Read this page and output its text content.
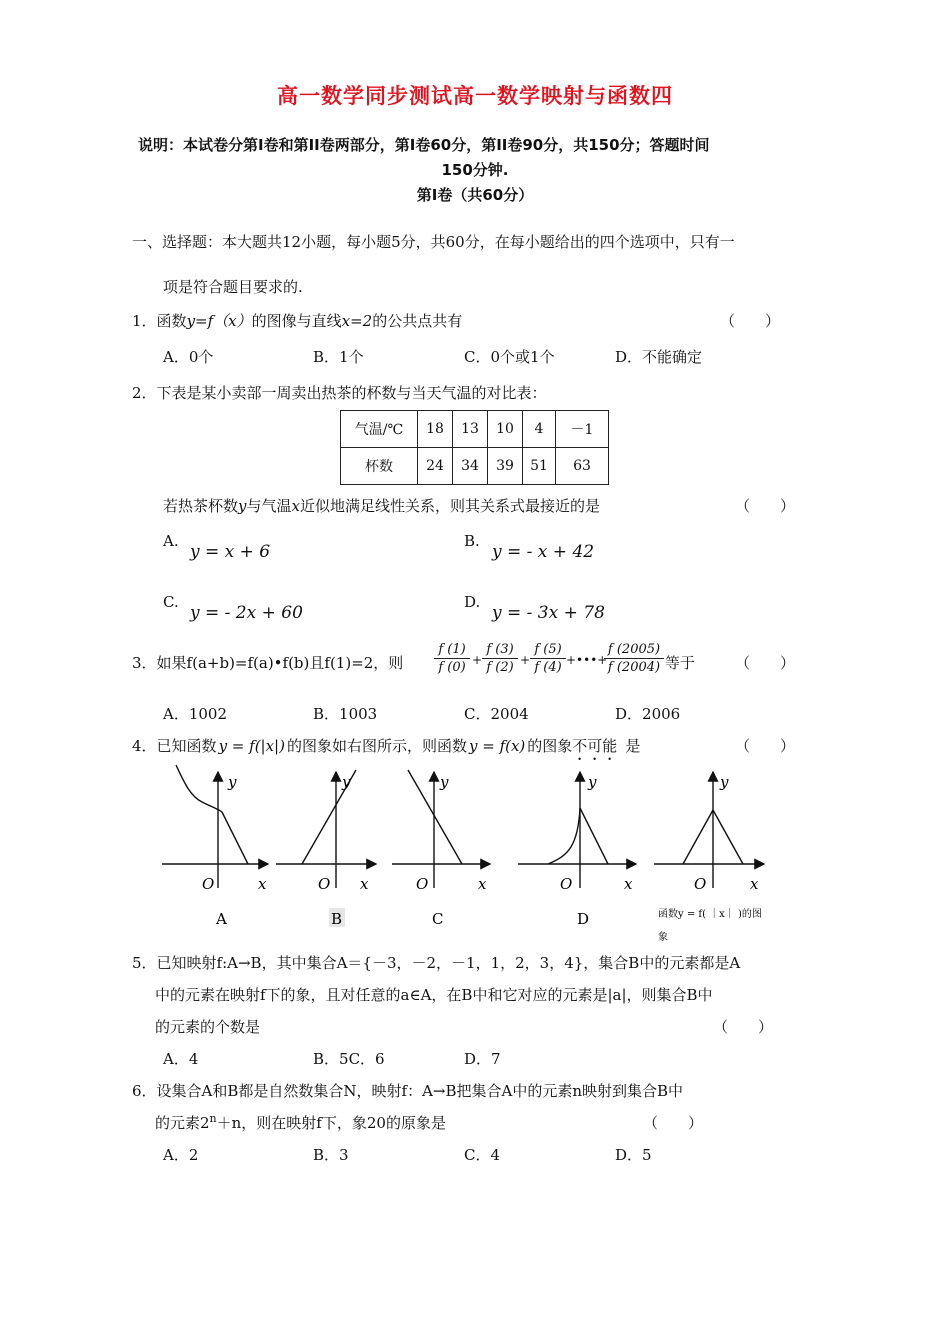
高一数学同步测试高一数学映射与函数四
说明：本试卷分第Ⅰ卷和第II卷两部分，第Ⅰ卷60分，第II卷90分，共150分；答题时间
150分钟.
第Ⅰ卷（共60分）
一、选择题：本大题共12小题，每小题5分，共60分，在每小题给出的四个选项中，只有一
项是符合题目要求的.
1．函数y=f（x）的图像与直线x=2的公共点共有	（　　）
A．0个	B．1个	C．0个或1个	D．不能确定
2．下表是某小卖部一周卖出热茶的杯数与当天气温的对比表：
气温/℃	18	13	10	4	－1
杯数	24	34	39	51	63
若热茶杯数y与气温x近似地满足线性关系，则其关系式最接近的是	（　　）
A.
y = x + 6
B.
y = - x + 42
C.
y = - 2x + 60
D.
y = - 3x + 78
3．如果f(a+b)=f(a)•f(b)且f(1)=2，则 $\frac{f (1)}{f (0)} + \frac{f (3)}{f (2)} + \frac{f (5)}{f (4)}$ +•••+
$\frac{f (2005)}{f (2004)}$ 等于	（　　）
A．1002	B．1003	C．2004	D．2006
4．已知函数 y = f(|x|) 的图象如右图所示，则函数 y = f(x) 的图象不可能 是	（　　）
y
O	x
A
y
O x
B
y
O	x
C
y
O	x
D
y
O	x
函数y = f( ｜x｜ )的图
象
5．已知映射f:A→B，其中集合A＝{－3，－2，－1，1，2，3，4}，集合B中的元素都是A
中的元素在映射f下的象，且对任意的a∈A，在B中和它对应的元素是|a|，则集合B中
的元素的个数是	（　　）
A．4	B．5C．6	D．7
6．设集合A和B都是自然数集合N，映射f：A→B把集合A中的元素n映射到集合B中
的元素$2^n+n$，则在映射f下，象20的原象是	（　　）
A．2	B．3	C．4	D．5
